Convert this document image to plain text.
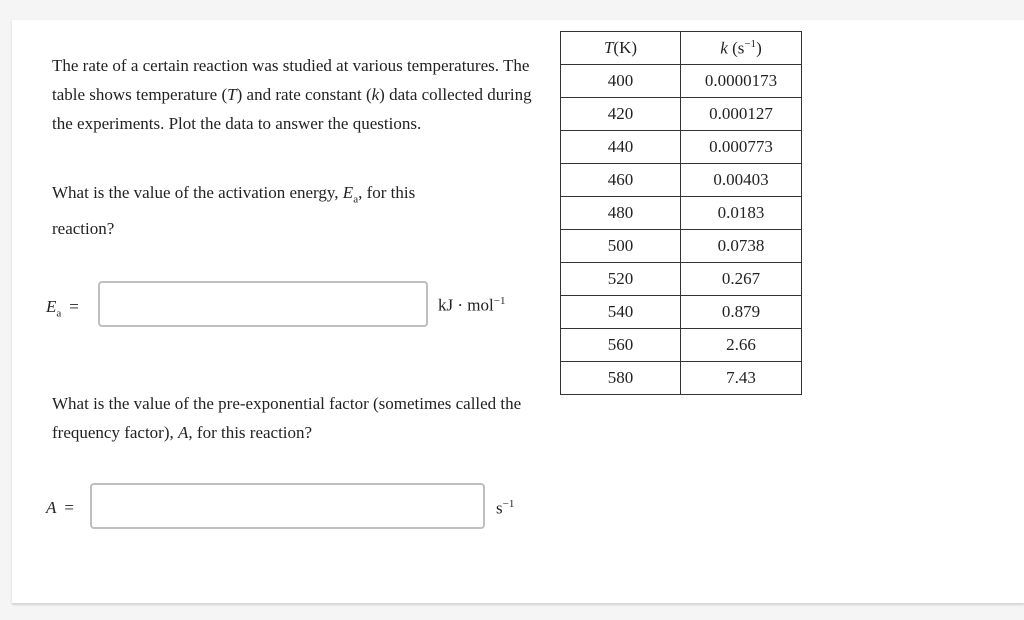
The rate of a certain reaction was studied at various temperatures. The table shows temperature (T) and rate constant (k) data collected during the experiments. Plot the data to answer the questions.
What is the value of the activation energy, $E_a$, for this reaction?
$E_a$ =	kJ · mol$^{-1}$
What is the value of the pre-exponential factor (sometimes called the frequency factor), A, for this reaction?
A =	$s^{-1}$
T(K)	k $(s^{-1})$
400	0.0000173
420	0.000127
440	0.000773
460	0.00403
480	0.0183
500	0.0738
520	0.267
540	0.879
560	2.66
580	7.43
